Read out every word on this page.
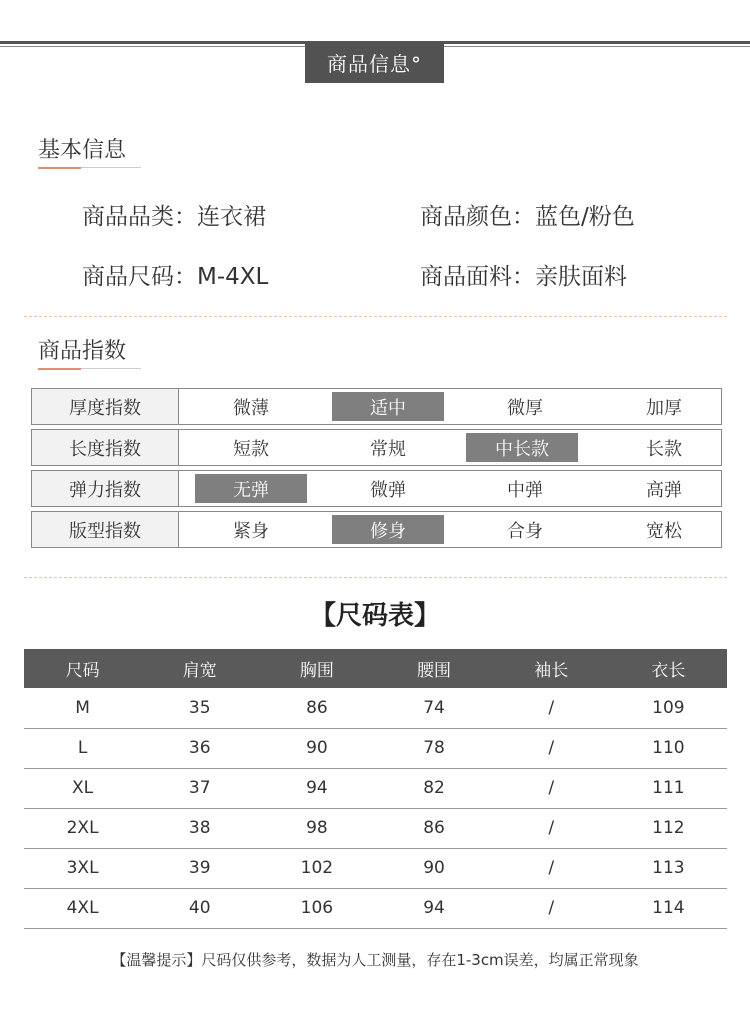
商品信息°
基本信息
商品品类：连衣裙	商品颜色：蓝色/粉色
商品尺码：M-4XL	商品面料：亲肤面料
商品指数
厚度指数	微薄	适中	微厚	加厚
长度指数	短款	常规	中长款	长款
弹力指数	无弹	微弹	中弹	高弹
版型指数	紧身	修身	合身	宽松
【尺码表】
尺码	肩宽	胸围	腰围	袖长	衣长
M	35	86	74	/	109
L	36	90	78	/	110
XL	37	94	82	/	111
2XL	38	98	86	/	112
3XL	39	102	90	/	113
4XL	40	106	94	/	114
【温馨提示】尺码仅供参考，数据为人工测量，存在1-3cm误差，均属正常现象
